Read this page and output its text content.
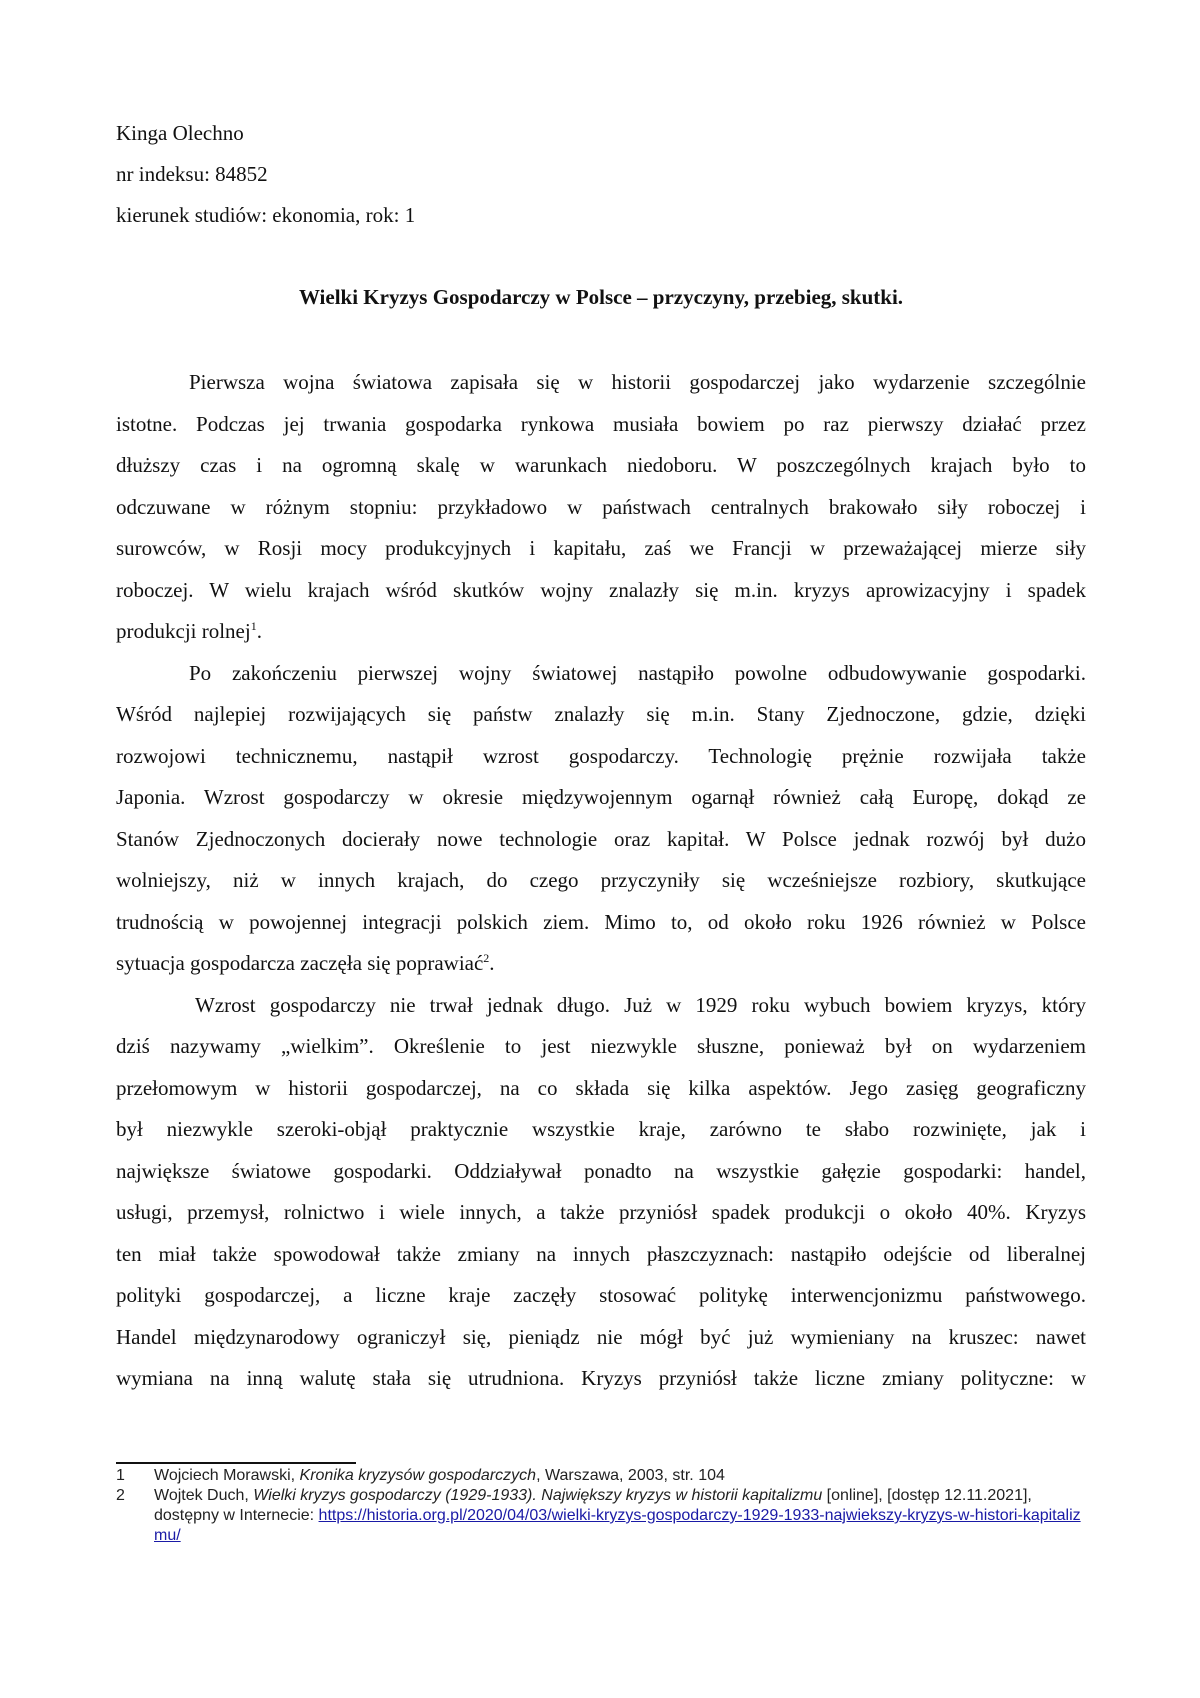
Kinga Olechno
nr indeksu: 84852
kierunek studiów: ekonomia, rok: 1
Wielki Kryzys Gospodarczy w Polsce – przyczyny, przebieg, skutki.
Pierwsza wojna światowa zapisała się w historii gospodarczej jako wydarzenie szczególnie
istotne. Podczas jej trwania gospodarka rynkowa musiała bowiem po raz pierwszy działać przez
dłuższy czas i na ogromną skalę w warunkach niedoboru. W poszczególnych krajach było to
odczuwane w różnym stopniu: przykładowo w państwach centralnych brakowało siły roboczej i
surowców, w Rosji mocy produkcyjnych i kapitału, zaś we Francji w przeważającej mierze siły
roboczej. W wielu krajach wśród skutków wojny znalazły się m.in. kryzys aprowizacyjny i spadek
produkcji rolnej$^1$.
Po zakończeniu pierwszej wojny światowej nastąpiło powolne odbudowywanie gospodarki.
Wśród najlepiej rozwijających się państw znalazły się m.in. Stany Zjednoczone, gdzie, dzięki
rozwojowi technicznemu, nastąpił wzrost gospodarczy. Technologię prężnie rozwijała także
Japonia. Wzrost gospodarczy w okresie międzywojennym ogarnął również całą Europę, dokąd ze
Stanów Zjednoczonych docierały nowe technologie oraz kapitał. W Polsce jednak rozwój był dużo
wolniejszy, niż w innych krajach, do czego przyczyniły się wcześniejsze rozbiory, skutkujące
trudnością w powojennej integracji polskich ziem. Mimo to, od około roku 1926 również w Polsce
sytuacja gospodarcza zaczęła się poprawiać$^2$.
Wzrost gospodarczy nie trwał jednak długo. Już w 1929 roku wybuch bowiem kryzys, który
dziś nazywamy „wielkim”. Określenie to jest niezwykle słuszne, ponieważ był on wydarzeniem
przełomowym w historii gospodarczej, na co składa się kilka aspektów. Jego zasięg geograficzny
był niezwykle szeroki-objął praktycznie wszystkie kraje, zarówno te słabo rozwinięte, jak i
największe światowe gospodarki. Oddziaływał ponadto na wszystkie gałęzie gospodarki: handel,
usługi, przemysł, rolnictwo i wiele innych, a także przyniósł spadek produkcji o około 40%. Kryzys
ten miał także spowodował także zmiany na innych płaszczyznach: nastąpiło odejście od liberalnej
polityki gospodarczej, a liczne kraje zaczęły stosować politykę interwencjonizmu państwowego.
Handel międzynarodowy ograniczył się, pieniądz nie mógł być już wymieniany na kruszec: nawet
wymiana na inną walutę stała się utrudniona. Kryzys przyniósł także liczne zmiany polityczne: w
1 Wojciech Morawski, Kronika kryzysów gospodarczych, Warszawa, 2003, str. 104
2 Wojtek Duch, Wielki kryzys gospodarczy (1929-1933). Największy kryzys w historii kapitalizmu [online], [dostęp 12.11.2021], dostępny w Internecie: https://historia.org.pl/2020/04/03/wielki-kryzys-gospodarczy-1929-1933-najwiekszy-kryzys-w-histori-kapitalizmu/
